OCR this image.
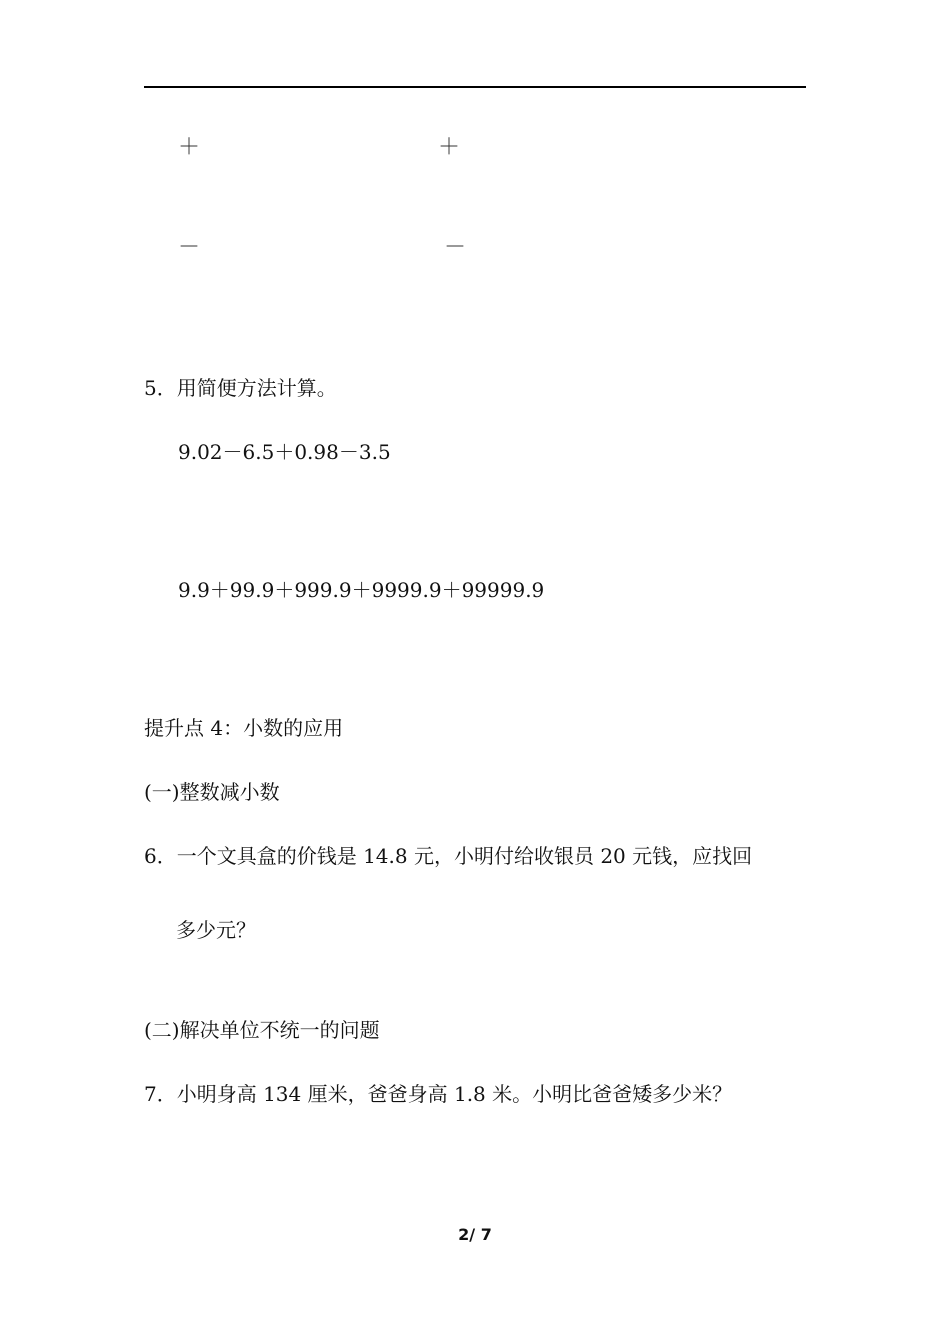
＋	＋
－	－
5．用简便方法计算。
9.02－6.5＋0.98－3.5
9.9＋99.9＋999.9＋9999.9＋99999.9
提升点 4：小数的应用
(一)整数减小数
6．一个文具盒的价钱是 14.8 元，小明付给收银员 20 元钱，应找回
多少元？
(二)解决单位不统一的问题
7．小明身高 134 厘米，爸爸身高 1.8 米。小明比爸爸矮多少米？
2/ 7
